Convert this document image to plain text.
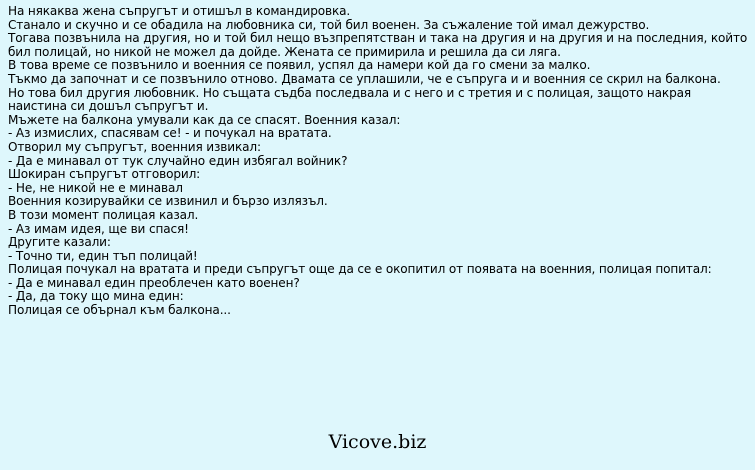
На някаква жена съпругът и отишъл в командировка.

Станало и скучно и се обадила на любовника си, той бил военен. За съжаление той имал дежурство.

Тогава позвънила на другия, но и той бил нещо възпрепятстван и така на другия и на другия и на последния, който бил полицай, но никой не можел да дойде. Жената се примирила и решила да си ляга.

В това време се позвънило и военния се появил, успял да намери кой да го смени за малко.

Тъкмо да започнат и се позвънило отново. Двамата се уплашили, че е съпруга и и военния се скрил на балкона.

Но това бил другия любовник. Но същата съдба последвала и с него и с третия и с полицая, защото накрая наистина си дошъл съпругът и.

Мъжете на балкона умували как да се спасят. Военния казал:

- Аз измислих, спасявам се! - и почукал на вратата.

Отворил му съпругът, военния извикал:

- Да е минавал от тук случайно един избягал войник?

Шокиран съпругът отговорил:

- Не, не никой не е минавал

Военния козирувайки се извинил и бързо излязъл.

В този момент полицая казал.

- Аз имам идея, ще ви спася!

Другите казали:

- Точно ти, един тъп полицай!

Полицая почукал на вратата и преди съпругът още да се е окопитил от появата на военния, полицая попитал:

- Да е минавал един преоблечен като военен?

- Да, да току що мина един:

Полицая се обърнал към балкона...

Vicove.biz
